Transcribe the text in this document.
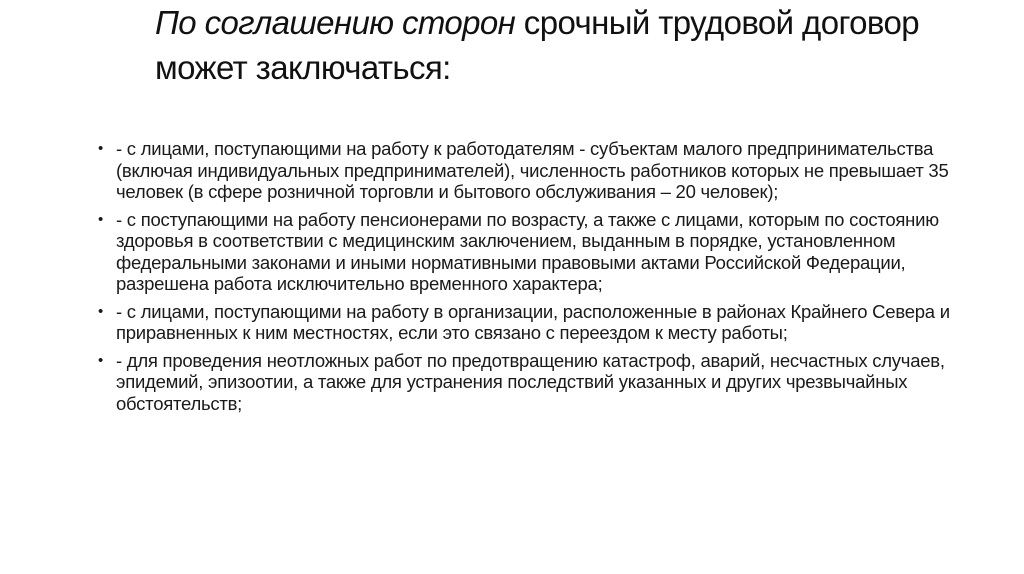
По соглашению сторон срочный трудовой договор может заключаться:
• - с лицами, поступающими на работу к работодателям - субъектам малого предпринимательства (включая индивидуальных предпринимателей), численность работников которых не превышает 35 человек (в сфере розничной торговли и бытового обслуживания – 20 человек);
• - с поступающими на работу пенсионерами по возрасту, а также с лицами, которым по состоянию здоровья в соответствии с медицинским заключением, выданным в порядке, установленном федеральными законами и иными нормативными правовыми актами Российской Федерации, разрешена работа исключительно временного характера;
• - с лицами, поступающими на работу в организации, расположенные в районах Крайнего Севера и приравненных к ним местностях, если это связано с переездом к месту работы;
• - для проведения неотложных работ по предотвращению катастроф, аварий, несчастных случаев, эпидемий, эпизоотии, а также для устранения последствий указанных и других чрезвычайных обстоятельств;
